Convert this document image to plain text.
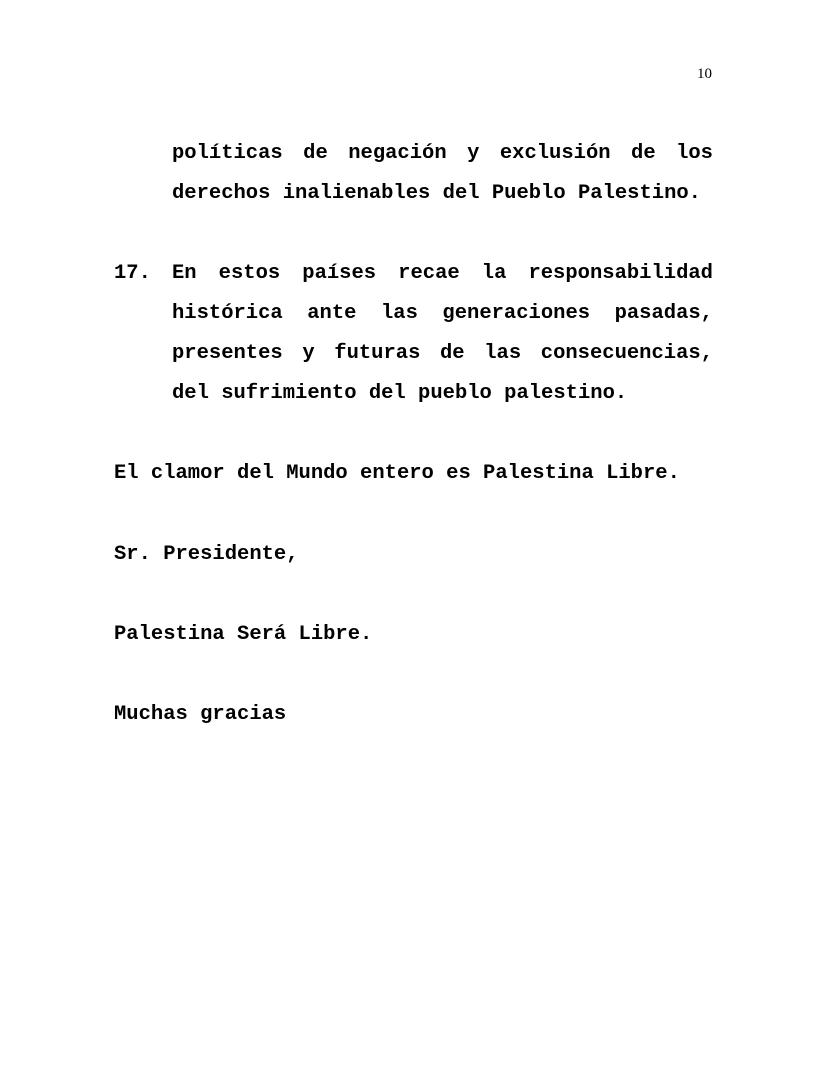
10
políticas de negación y exclusión de los
derechos inalienables del Pueblo Palestino.
17. En estos países recae la responsabilidad
histórica ante las generaciones pasadas,
presentes y futuras de las consecuencias,
del sufrimiento del pueblo palestino.
El clamor del Mundo entero es Palestina Libre.
Sr. Presidente,
Palestina Será Libre.
Muchas gracias
